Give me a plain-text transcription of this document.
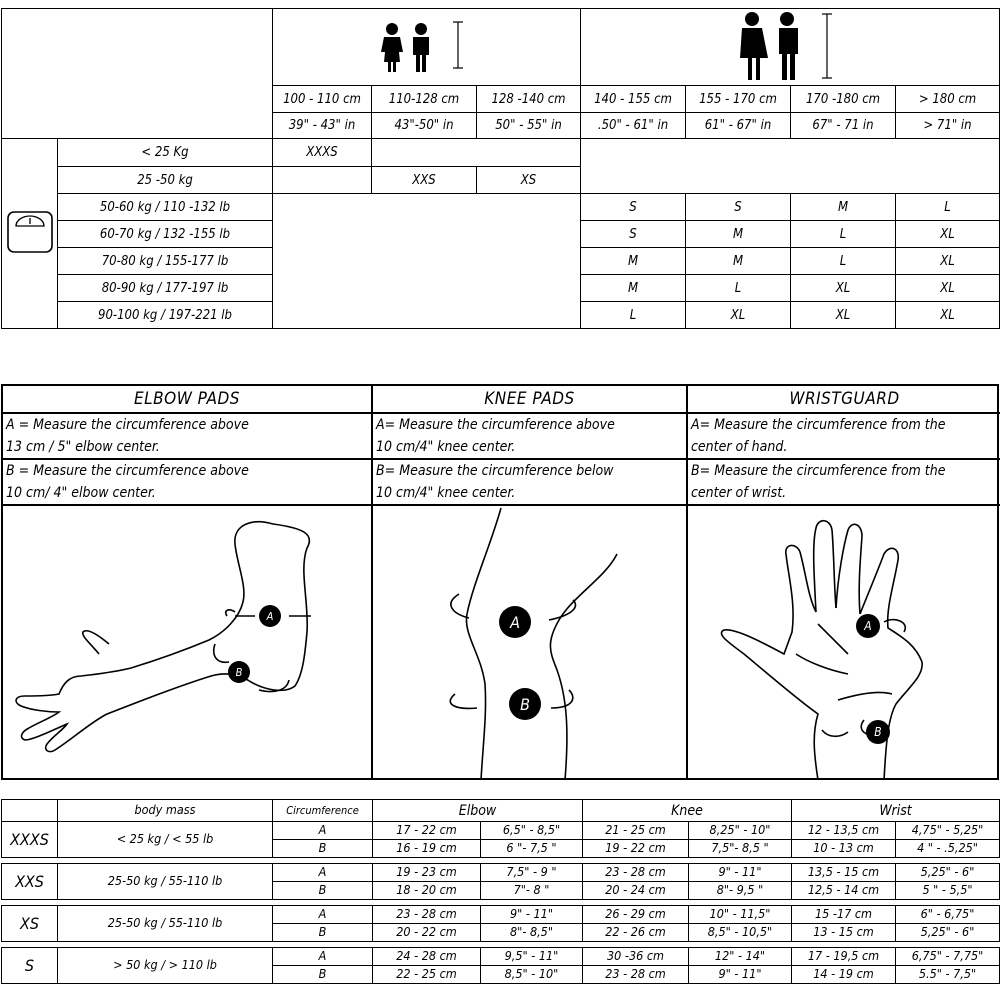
		100 - 110 cm	110-128 cm	128 -140 cm	140 - 155 cm	155 - 170 cm	170 -180 cm	> 180 cm
		39" - 43" in	43"-50" in	50" - 55" in	.50" - 61" in	61" - 67" in	67" - 71 in	> 71" in
	< 25 Kg	XXXS						
	25 -50 kg		XXS	XS				
	50-60 kg / 110 -132 lb				S	S	M	L
	60-70 kg / 132 -155 lb				S	M	L	XL
	70-80 kg / 155-177 lb				M	M	L	XL
	80-90 kg / 177-197 lb				M	L	XL	XL
	90-100 kg / 197-221 lb				L	XL	XL	XL
ELBOW PADS
A = Measure the circumference above
13 cm / 5" elbow center.
B = Measure the circumference above
10 cm/ 4" elbow center.
A
B
KNEE PADS
A= Measure the circumference above
10 cm/4" knee center.
B= Measure the circumference below
10 cm/4" knee center.
A
B
WRISTGUARD
A= Measure the circumference from the
center of hand.
B= Measure the circumference from the
center of wrist.
A
B
	body mass	Circumference	Elbow		Knee		Wrist	
XXXS	< 25 kg / < 55 lb	A	17 - 22 cm	6,5" - 8,5"	21 - 25 cm	8,25" - 10"	12 - 13,5 cm	4,75" - 5,25"
		B	16 - 19 cm	6 "- 7,5 "	19 - 22 cm	7,5"- 8,5 "	10 - 13 cm	4 " - .5,25"

XXS	25-50 kg / 55-110 lb	A	19 - 23 cm	7,5" - 9 "	23 - 28 cm	9" - 11"	13,5 - 15 cm	5,25" - 6"
		B	18 - 20 cm	7"- 8 "	20 - 24 cm	8"- 9,5 "	12,5 - 14 cm	5 " - 5,5"

XS	25-50 kg / 55-110 lb	A	23 - 28 cm	9" - 11"	26 - 29 cm	10" - 11,5"	15 -17 cm	6" - 6,75"
		B	20 - 22 cm	8"- 8,5"	22 - 26 cm	8,5" - 10,5"	13 - 15 cm	5,25" - 6"

S	> 50 kg / > 110 lb	A	24 - 28 cm	9,5" - 11"	30 -36 cm	12" - 14"	17 - 19,5 cm	6,75" - 7,75"
		B	22 - 25 cm	8,5" - 10"	23 - 28 cm	9" - 11"	14 - 19 cm	5.5" - 7,5"
